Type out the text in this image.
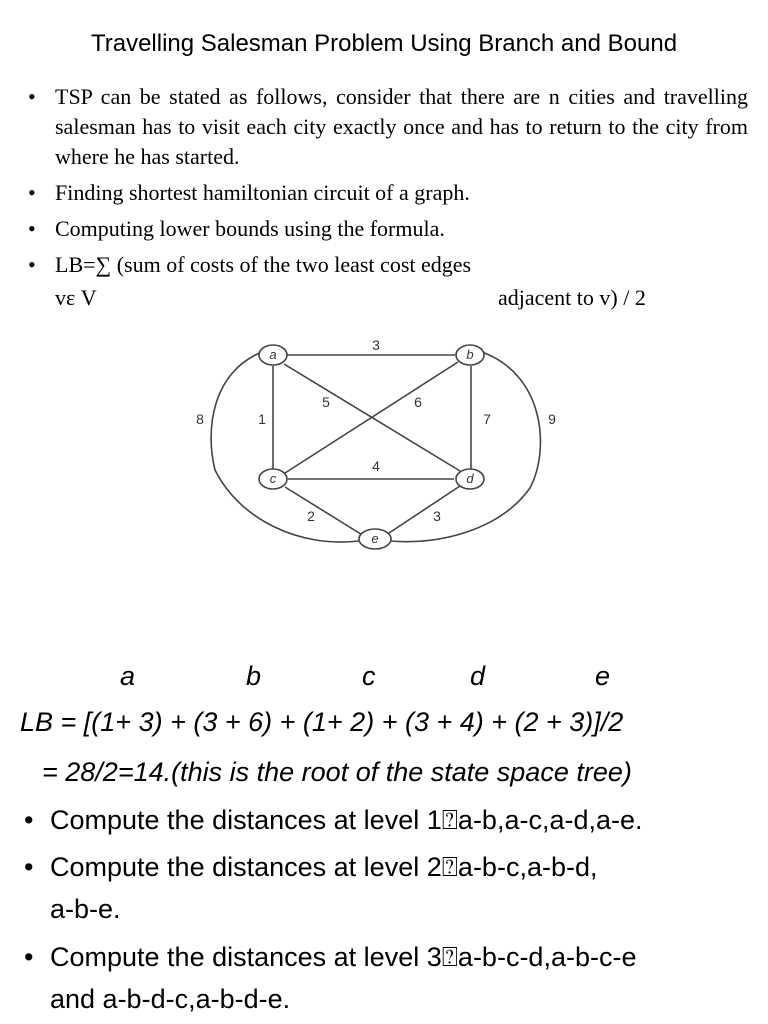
Travelling Salesman Problem Using Branch and Bound
• TSP can be stated as follows, consider that there are n cities and travelling salesman has to visit each city exactly once and has to return to the city from where he has started.
• Finding shortest hamiltonian circuit of a graph.
• Computing lower bounds using the formula.
• LB=∑ (sum of costs of the two least cost edges
vε V	adjacent to v) / 2
a	b
c	d
e
3
1
5	6
7
4
2	3
8	9
a	b	c	d	e
LB = [(1+ 3) + (3 + 6) + (1+ 2) + (3 + 4) + (2 + 3)]/2
= 28/2=14.(this is the root of the state space tree)
• Compute the distances at level 1⍰a-b,a-c,a-d,a-e.
• Compute the distances at level 2⍰a-b-c,a-b-d,
a-b-e.
• Compute the distances at level 3⍰a-b-c-d,a-b-c-e
and a-b-d-c,a-b-d-e.
